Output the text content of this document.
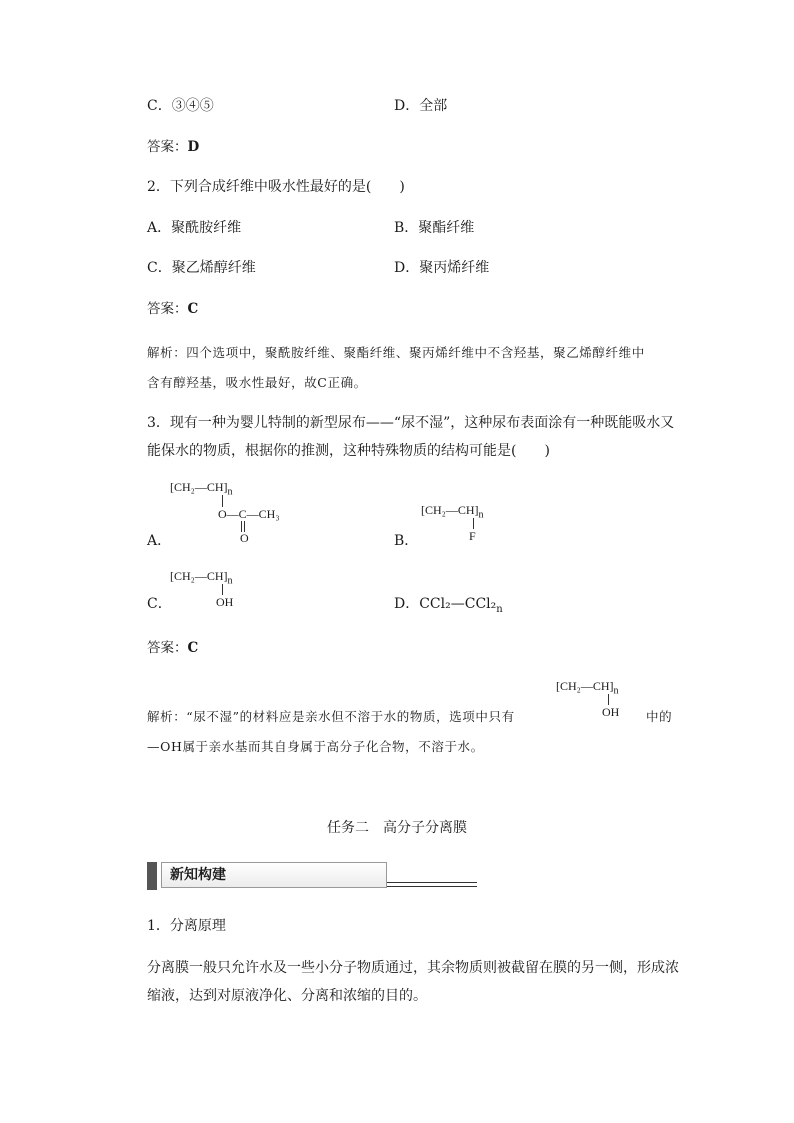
C．③④⑤	D．全部
答案：D
2．下列合成纤维中吸水性最好的是(　　)
A．聚酰胺纤维	B．聚酯纤维
C．聚乙烯醇纤维	D．聚丙烯纤维
答案：C
解析：四个选项中，聚酰胺纤维、聚酯纤维、聚丙烯纤维中不含羟基，聚乙烯醇纤维中
含有醇羟基，吸水性最好，故C正确。
3．现有一种为婴儿特制的新型尿布——“尿不湿”，这种尿布表面涂有一种既能吸水又
能保水的物质，根据你的推测，这种特殊物质的结构可能是(　　)
A．
$[CH_2—CH]_n$
O—C—CH₃
O	B．
$[CH_2—CH]_n$
F
C．
$[CH_2—CH]_n$
OH	D．$CCl_2—CCl_2_n$
答案：C
解析：“尿不湿”的材料应是亲水但不溶于水的物质，选项中只有
$[CH_2—CH]_n$
OH 中的
—OH属于亲水基而其自身属于高分子化合物，不溶于水。
任务二　高分子分离膜
新知构建
1．分离原理
分离膜一般只允许水及一些小分子物质通过，其余物质则被截留在膜的另一侧，形成浓缩液，达到对原液净化、分离和浓缩的目的。
